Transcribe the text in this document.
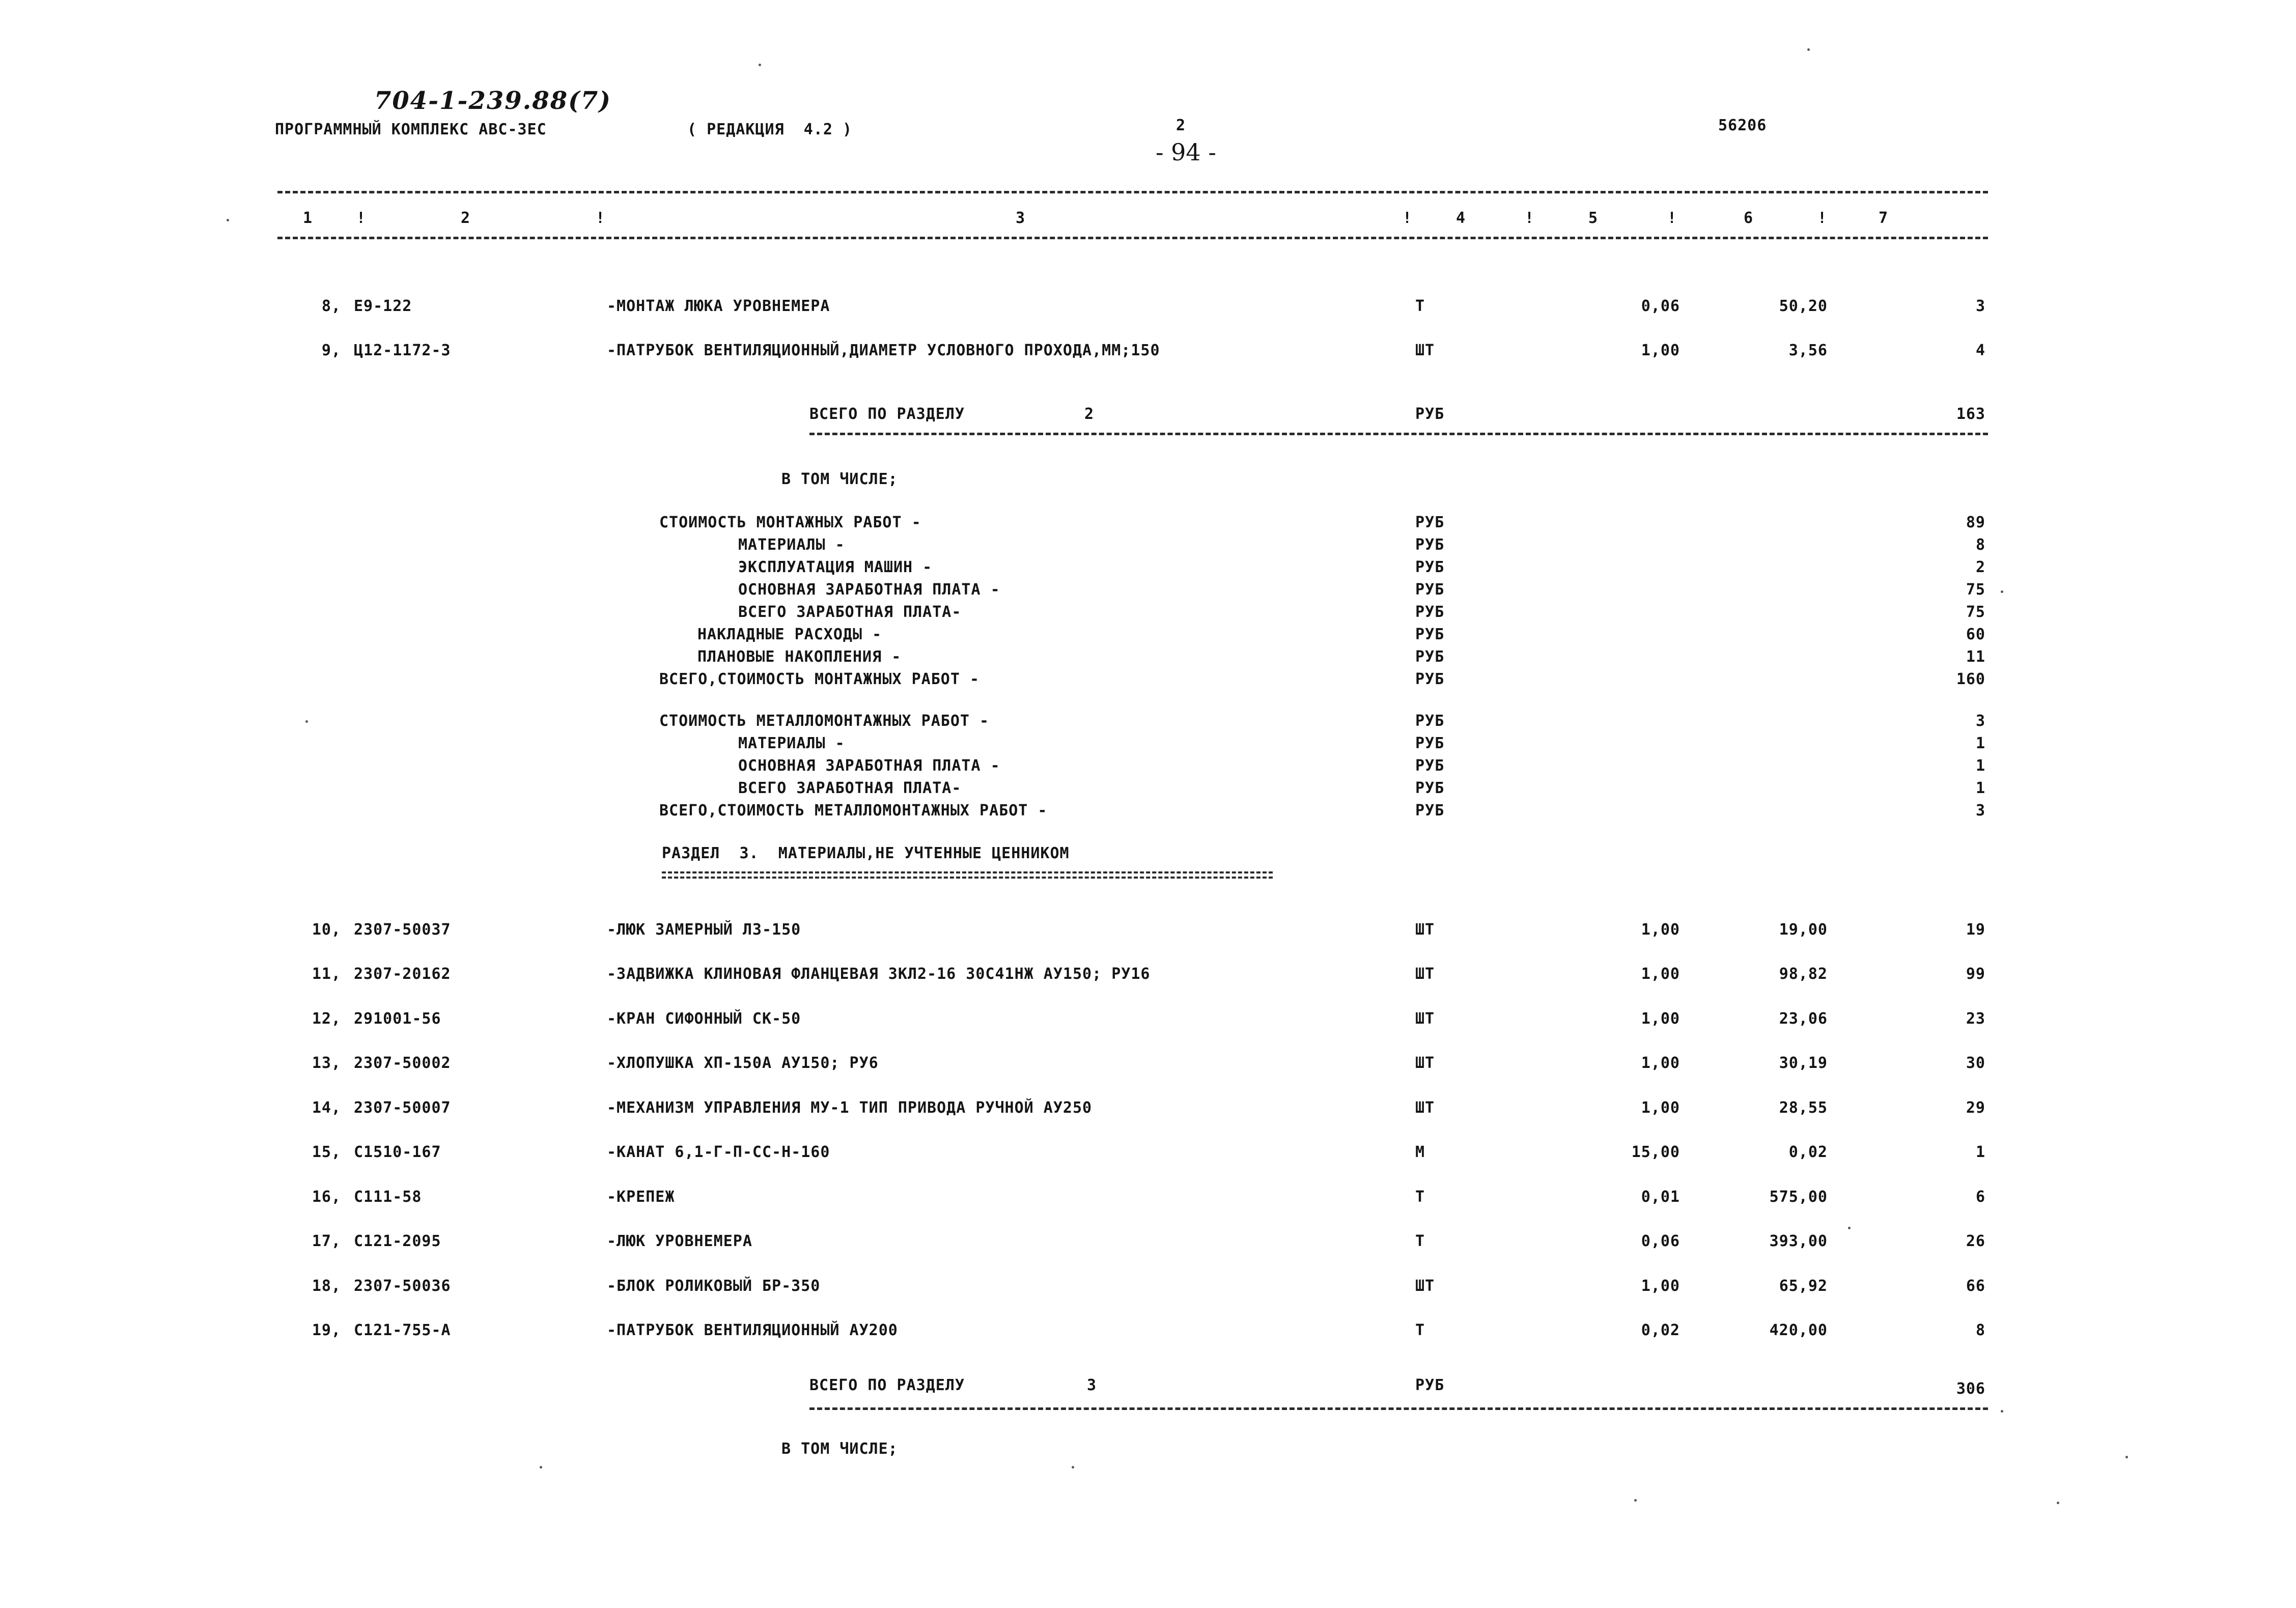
704-1-239.88(7)
ПРОГРАММНЫЙ КОМПЛЕКС АВС-ЗЕС	( РЕДАКЦИЯ  4.2 )	2	56206
- 94 -
1	!	2	!	3	!	4	!	5	!	6	!	7
8, Е9-122	-МОНТАЖ ЛЮКА УРОВНЕМЕРА	Т	0,06	50,20	3
9, Ц12-1172-3	-ПАТРУБОК ВЕНТИЛЯЦИОННЫЙ,ДИАМЕТР УСЛОВНОГО ПРОХОДА,ММ;150	ШТ	1,00	3,56	4
ВСЕГО ПО РАЗДЕЛУ	2	РУБ	163
В ТОМ ЧИСЛЕ;
СТОИМОСТЬ МОНТАЖНЫХ РАБОТ -	РУБ	89
МАТЕРИАЛЫ -	РУБ	8
ЭКСПЛУАТАЦИЯ МАШИН -	РУБ	2
ОСНОВНАЯ ЗАРАБОТНАЯ ПЛАТА -	РУБ	75
ВСЕГО ЗАРАБОТНАЯ ПЛАТА-	РУБ	75
НАКЛАДНЫЕ РАСХОДЫ -	РУБ	60
ПЛАНОВЫЕ НАКОПЛЕНИЯ -	РУБ	11
ВСЕГО,СТОИМОСТЬ МОНТАЖНЫХ РАБОТ -	РУБ	160
СТОИМОСТЬ МЕТАЛЛОМОНТАЖНЫХ РАБОТ -	РУБ	3
МАТЕРИАЛЫ -	РУБ	1
ОСНОВНАЯ ЗАРАБОТНАЯ ПЛАТА -	РУБ	1
ВСЕГО ЗАРАБОТНАЯ ПЛАТА-	РУБ	1
ВСЕГО,СТОИМОСТЬ МЕТАЛЛОМОНТАЖНЫХ РАБОТ -	РУБ	3
РАЗДЕЛ  3.  МАТЕРИАЛЫ,НЕ УЧТЕННЫЕ ЦЕННИКОМ
10, 2307-50037	-ЛЮК ЗАМЕРНЫЙ ЛЗ-150	ШТ	1,00	19,00	19
11, 2307-20162	-ЗАДВИЖКА КЛИНОВАЯ ФЛАНЦЕВАЯ ЗКЛ2-16 30С41НЖ АУ150; РУ16	ШТ	1,00	98,82	99
12, 291001-56	-КРАН СИФОННЫЙ СК-50	ШТ	1,00	23,06	23
13, 2307-50002	-ХЛОПУШКА ХП-150А АУ150; РУ6	ШТ	1,00	30,19	30
14, 2307-50007	-МЕХАНИЗМ УПРАВЛЕНИЯ МУ-1 ТИП ПРИВОДА РУЧНОЙ АУ250	ШТ	1,00	28,55	29
15, С1510-167	-КАНАТ 6,1-Г-П-СС-Н-160	М	15,00	0,02	1
16, С111-58	-КРЕПЕЖ	Т	0,01	575,00	6
17, С121-2095	-ЛЮК УРОВНЕМЕРА	Т	0,06	393,00	26
18, 2307-50036	-БЛОК РОЛИКОВЫЙ БР-350	ШТ	1,00	65,92	66
19, С121-755-А	-ПАТРУБОК ВЕНТИЛЯЦИОННЫЙ АУ200	Т	0,02	420,00	8
ВСЕГО ПО РАЗДЕЛУ	3	РУБ	306
В ТОМ ЧИСЛЕ;
